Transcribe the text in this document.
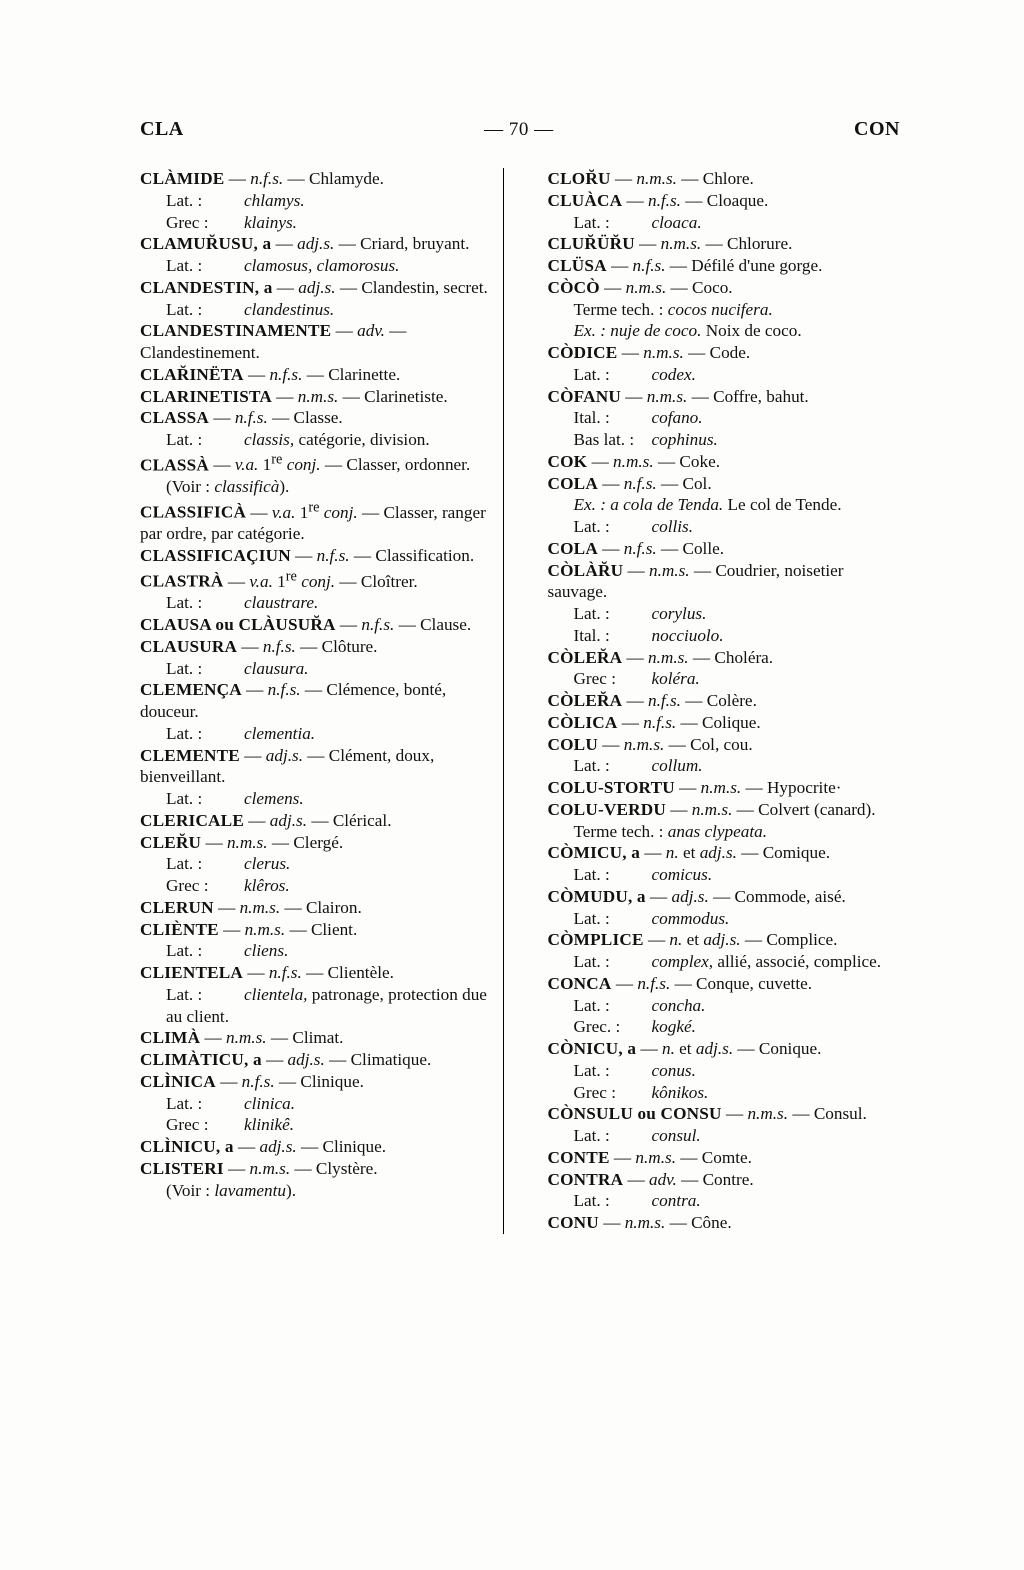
CLA	— 70 —	CON
CLÀMIDE — n.f.s. — Chlamyde.
Lat. : chlamys.
Grec : klainys.
CLAMUR̆USU, a — adj.s. — Criard, bruyant.
Lat. : clamosus, clamorosus.
CLANDESTIN, a — adj.s. — Clandestin, secret.
Lat. : clandestinus.
CLANDESTINAMENTE — adv. — Clandestinement.
CLAR̆INËTA — n.f.s. — Clarinette.
CLARINETISTA — n.m.s. — Clarinetiste.
CLASSA — n.f.s. — Classe.
Lat. : classis, catégorie, division.
CLASSÀ — v.a. 1re conj. — Classer, ordonner.
(Voir : classificà).
CLASSIFICÀ — v.a. 1re conj. — Classer, ranger par ordre, par catégorie.
CLASSIFICAÇIUN — n.f.s. — Classification.
CLASTRÀ — v.a. 1re conj. — Cloîtrer.
Lat. : claustrare.
CLAUSA ou CLÀUSUR̆A — n.f.s. — Clause.
CLAUSURA — n.f.s. — Clôture.
Lat. : clausura.
CLEMENÇA — n.f.s. — Clémence, bonté, douceur.
Lat. : clementia.
CLEMENTE — adj.s. — Clément, doux, bienveillant.
Lat. : clemens.
CLERICALE — adj.s. — Clérical.
CLER̆U — n.m.s. — Clergé.
Lat. : clerus.
Grec : klêros.
CLERUN — n.m.s. — Clairon.
CLIÈNTE — n.m.s. — Client.
Lat. : cliens.
CLIENTELA — n.f.s. — Clientèle.
Lat. : clientela, patronage, protection due au client.
CLIMÀ — n.m.s. — Climat.
CLIMÀTICU, a — adj.s. — Climatique.
CLÌNICA — n.f.s. — Clinique.
Lat. : clinica.
Grec : klinikê.
CLÌNICU, a — adj.s. — Clinique.
CLISTERI — n.m.s. — Clystère.
(Voir : lavamentu).
CLOR̆U — n.m.s. — Chlore.
CLUÀCA — n.f.s. — Cloaque.
Lat. : cloaca.
CLUR̆ÜR̆U — n.m.s. — Chlorure.
CLÜSA — n.f.s. — Défilé d'une gorge.
CÒCÒ — n.m.s. — Coco.
Terme tech. : cocos nucifera.
Ex. : nuje de coco. Noix de coco.
CÒDICE — n.m.s. — Code.
Lat. : codex.
CÒFANU — n.m.s. — Coffre, bahut.
Ital. : cofano.
Bas lat. : cophinus.
COK — n.m.s. — Coke.
COLA — n.f.s. — Col.
Ex. : a cola de Tenda. Le col de Tende.
Lat. : collis.
COLA — n.f.s. — Colle.
CÒLÀR̆U — n.m.s. — Coudrier, noisetier sauvage.
Lat. : corylus.
Ital. : nocciuolo.
CÒLER̆A — n.m.s. — Choléra.
Grec : koléra.
CÒLER̆A — n.f.s. — Colère.
CÒLICA — n.f.s. — Colique.
COLU — n.m.s. — Col, cou.
Lat. : collum.
COLU-STORTU — n.m.s. — Hypocrite·
COLU-VERDU — n.m.s. — Colvert (canard).
Terme tech. : anas clypeata.
CÒMICU, a — n. et adj.s. — Comique.
Lat. : comicus.
CÒMUDU, a — adj.s. — Commode, aisé.
Lat. : commodus.
CÒMPLICE — n. et adj.s. — Complice.
Lat. : complex, allié, associé, complice.
CONCA — n.f.s. — Conque, cuvette.
Lat. : concha.
Grec. : kogké.
CÒNICU, a — n. et adj.s. — Conique.
Lat. : conus.
Grec : kônikos.
CÒNSULU ou CONSU — n.m.s. — Consul.
Lat. : consul.
CONTE — n.m.s. — Comte.
CONTRA — adv. — Contre.
Lat. : contra.
CONU — n.m.s. — Cône.
